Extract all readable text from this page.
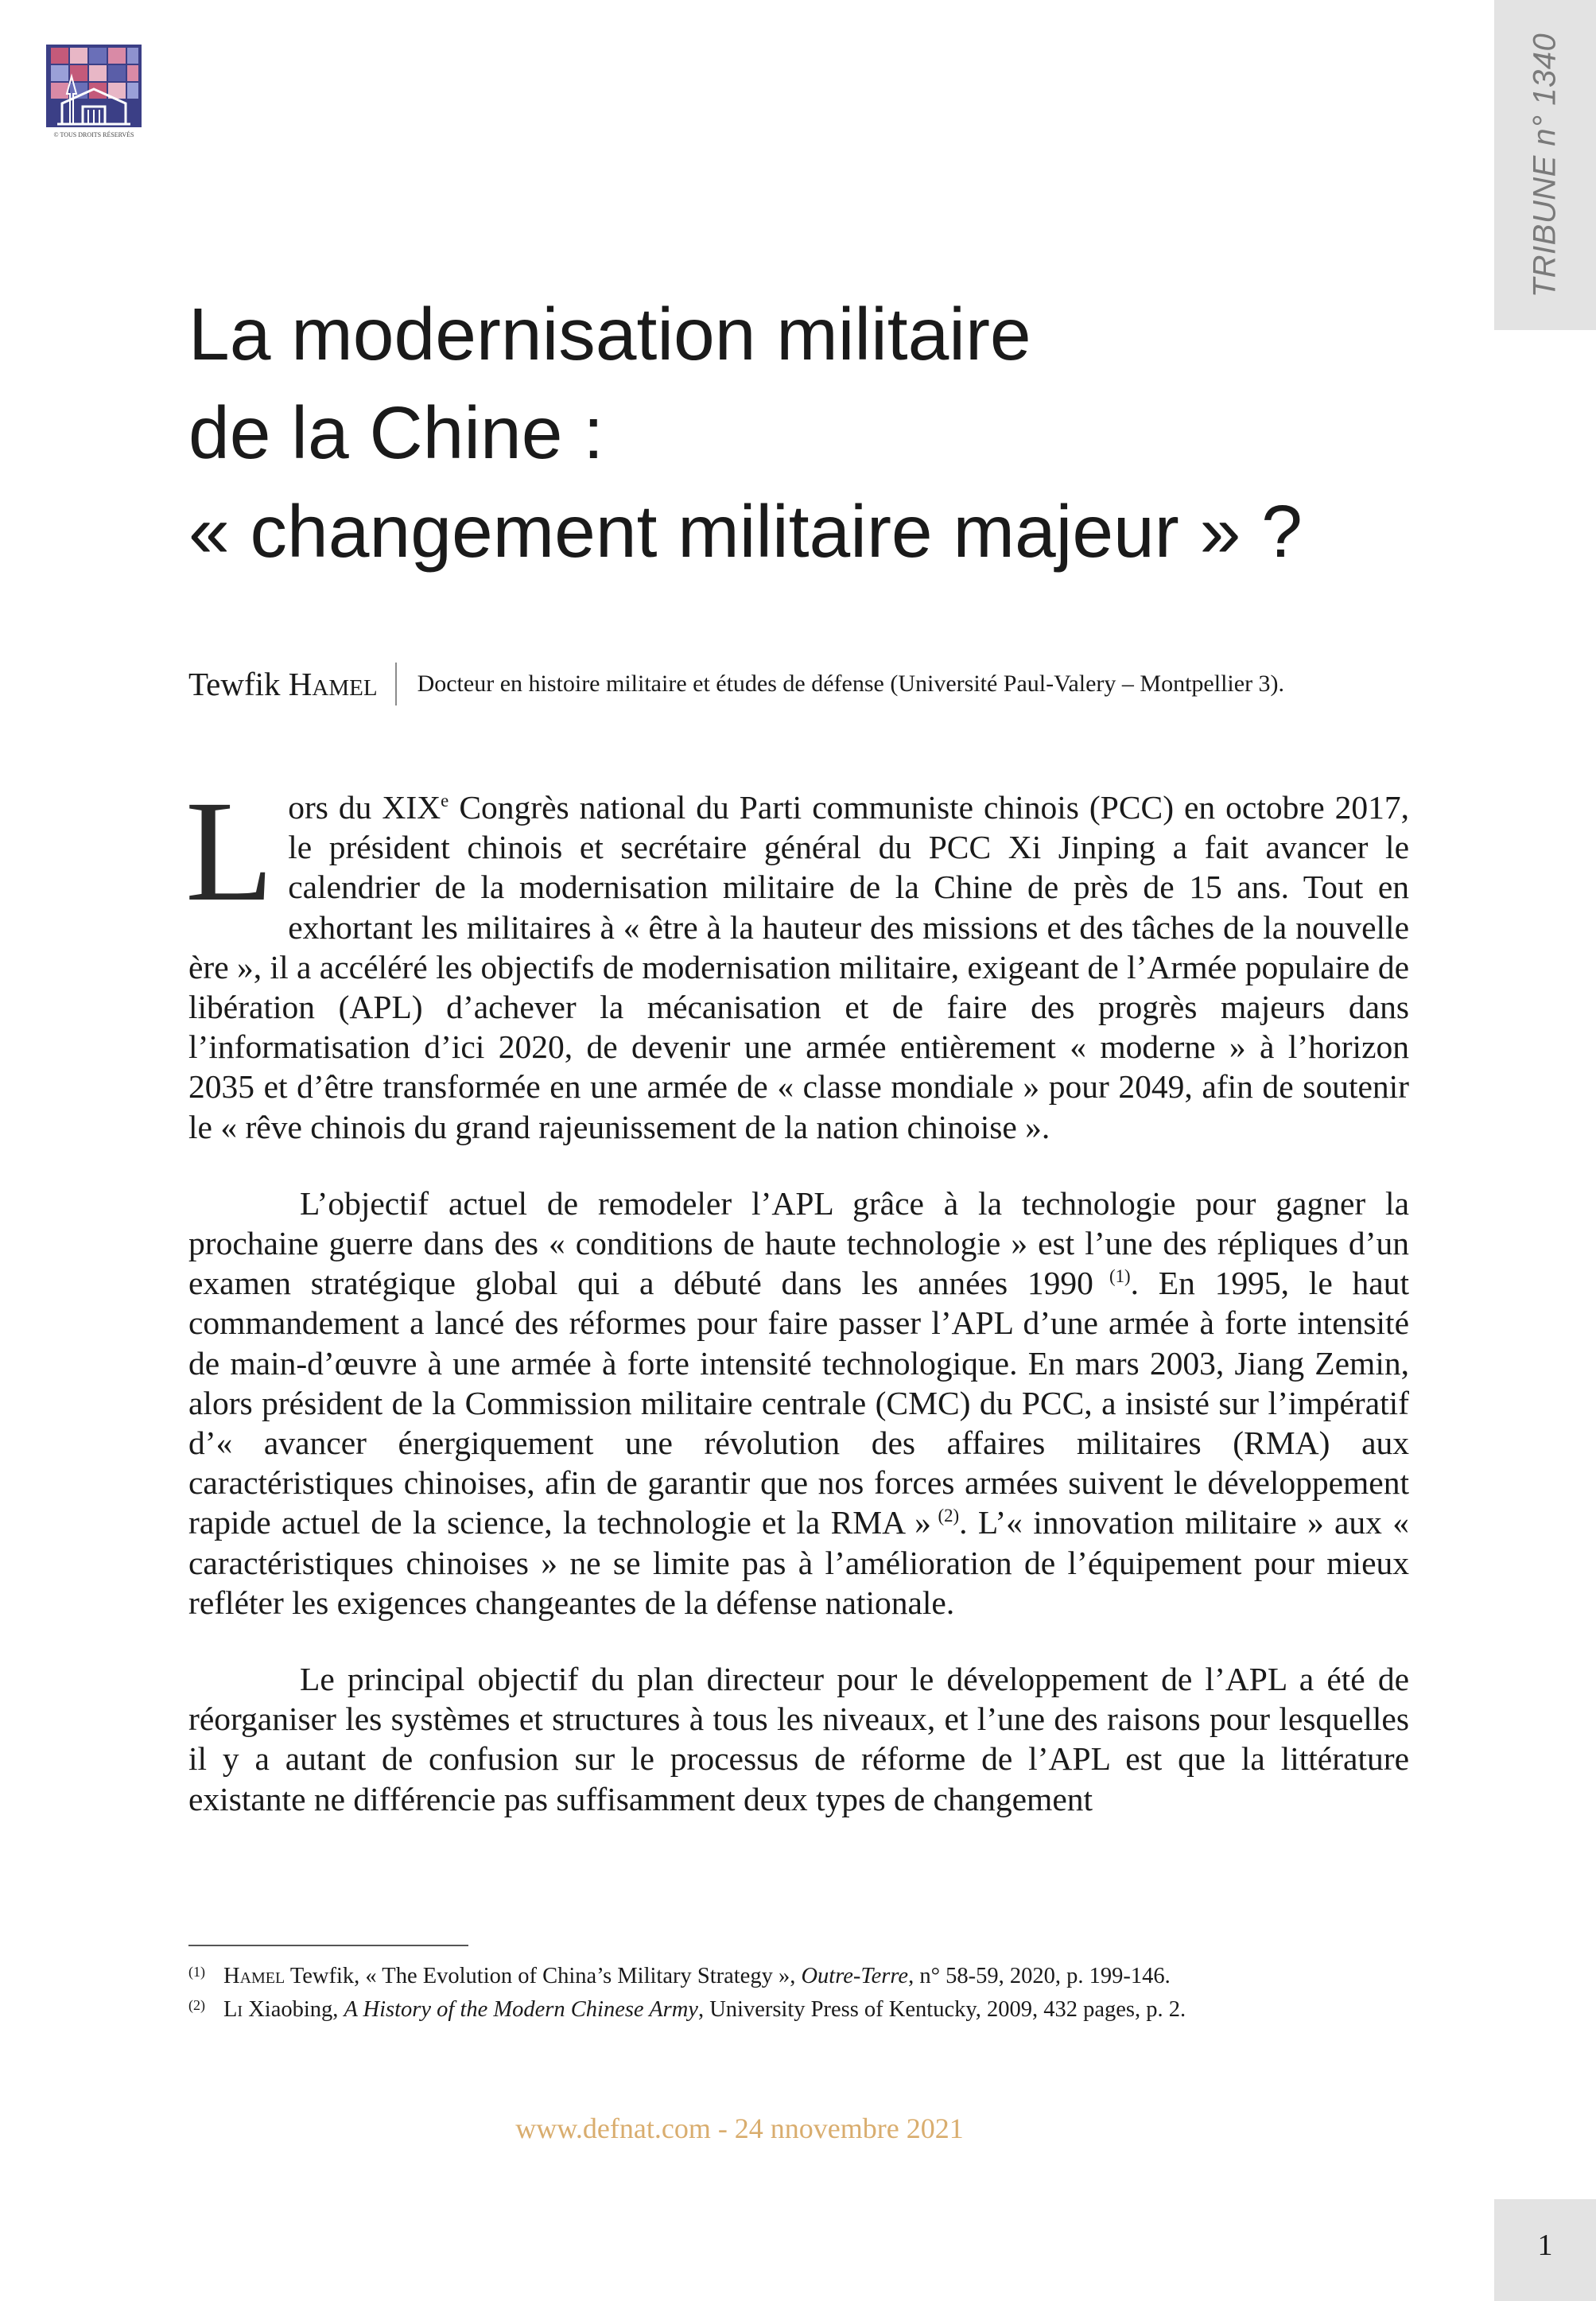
© TOUS DROITS RÉSERVÉS	TRIBUNE n° 1340
La modernisation militaire
de la Chine :
« changement militaire majeur » ?
Tewfik Hamel Docteur en histoire militaire et études de défense (Université Paul-Valery – Montpellier 3).

Lors du XIXe Congrès national du Parti communiste chinois (PCC) en octobre 2017, le président chinois et secrétaire général du PCC Xi Jinping a fait avancer le calendrier de la modernisation militaire de la Chine de près de 15 ans. Tout en exhortant les militaires à « être à la hauteur des missions et des tâches de la nouvelle ère », il a accéléré les objectifs de modernisation militaire, exigeant de l’Armée populaire de libération (APL) d’achever la mécanisation et de faire des progrès majeurs dans l’informatisation d’ici 2020, de devenir une armée entièrement « moderne » à l’horizon 2035 et d’être transformée en une armée de « classe mondiale » pour 2049, afin de soutenir le « rêve chinois du grand rajeunissement de la nation chinoise ».

L’objectif actuel de remodeler l’APL grâce à la technologie pour gagner la prochaine guerre dans des « conditions de haute technologie » est l’une des répliques d’un examen stratégique global qui a débuté dans les années 1990 $^{(1)}$. En 1995, le haut commandement a lancé des réformes pour faire passer l’APL d’une armée à forte intensité de main-d’œuvre à une armée à forte intensité technologique. En mars 2003, Jiang Zemin, alors président de la Commission militaire centrale (CMC) du PCC, a insisté sur l’impératif d’« avancer énergiquement une révolution des affaires militaires (RMA) aux caractéristiques chinoises, afin de garantir que nos forces armées suivent le développement rapide actuel de la science, la technologie et la RMA » $^{(2)}$. L’« innovation militaire » aux « caractéristiques chinoises » ne se limite pas à l’amélioration de l’équipement pour mieux refléter les exigences changeantes de la défense nationale.

Le principal objectif du plan directeur pour le développement de l’APL a été de réorganiser les systèmes et structures à tous les niveaux, et l’une des raisons pour lesquelles il y a autant de confusion sur le processus de réforme de l’APL est que la littérature existante ne différencie pas suffisamment deux types de changement

(1) Hamel Tewfik, « The Evolution of China’s Military Strategy », Outre-Terre, n° 58-59, 2020, p. 199-146.
(2) Li Xiaobing, A History of the Modern Chinese Army, University Press of Kentucky, 2009, 432 pages, p. 2.
www.defnat.com - 24 nnovembre 2021
1
